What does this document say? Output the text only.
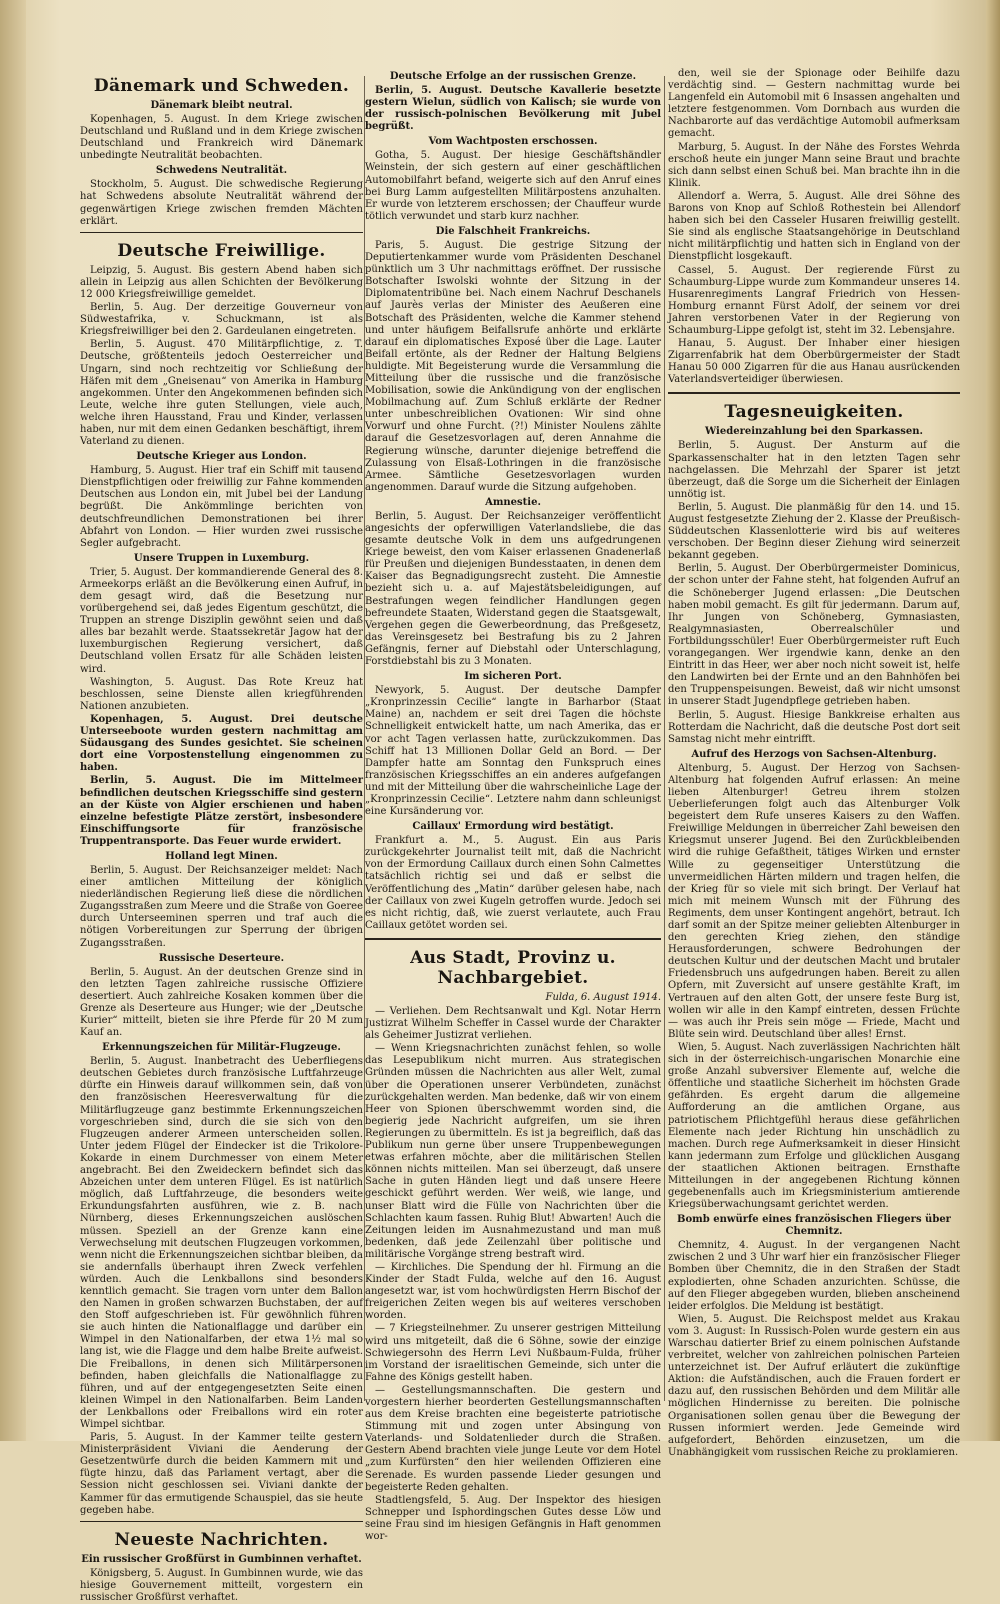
Dänemark und Schweden.
Dänemark bleibt neutral.

Kopenhagen, 5. August. In dem Kriege zwischen Deutschland und Rußland und in dem Kriege zwischen Deutschland und Frankreich wird Dänemark unbedingte Neutralität beobachten.

Schwedens Neutralität.

Stockholm, 5. August. Die schwedische Regierung hat Schwedens absolute Neutralität während der gegenwärtigen Kriege zwischen fremden Mächten erklärt.

Deutsche Freiwillige.

Leipzig, 5. August. Bis gestern Abend haben sich allein in Leipzig aus allen Schichten der Bevölkerung 12 000 Kriegsfreiwillige gemeldet.

Berlin, 5. Aug. Der derzeitige Gouverneur von Südwestafrika, v. Schuckmann, ist als Kriegsfreiwilliger bei den 2. Gardeulanen eingetreten.

Berlin, 5. August. 470 Militärpflichtige, z. T. Deutsche, größtenteils jedoch Oesterreicher und Ungarn, sind noch rechtzeitig vor Schließung der Häfen mit dem „Gneisenau“ von Amerika in Hamburg angekommen. Unter den Angekommenen befinden sich Leute, welche ihre guten Stellungen, viele auch, welche ihren Hausstand, Frau und Kinder, verlassen haben, nur mit dem einen Gedanken beschäftigt, ihrem Vaterland zu dienen.

Deutsche Krieger aus London.

Hamburg, 5. August. Hier traf ein Schiff mit tausend Dienstpflichtigen oder freiwillig zur Fahne kommenden Deutschen aus London ein, mit Jubel bei der Landung begrüßt. Die Ankömmlinge berichten von deutschfreundlichen Demonstrationen bei ihrer Abfahrt von London. — Hier wurden zwei russische Segler aufgebracht.

Unsere Truppen in Luxemburg.

Trier, 5. August. Der kommandierende General des 8. Armeekorps erläßt an die Bevölkerung einen Aufruf, in dem gesagt wird, daß die Besetzung nur vorübergehend sei, daß jedes Eigentum geschützt, die Truppen an strenge Disziplin gewöhnt seien und daß alles bar bezahlt werde. Staatssekretär Jagow hat der luxemburgischen Regierung versichert, daß Deutschland vollen Ersatz für alle Schäden leisten wird.

Washington, 5. August. Das Rote Kreuz hat beschlossen, seine Dienste allen kriegführenden Nationen anzubieten.

Kopenhagen, 5. August. Drei deutsche Unterseeboote wurden gestern nachmittag am Südausgang des Sundes gesichtet. Sie scheinen dort eine Vorpostenstellung eingenommen zu haben.

Berlin, 5. August. Die im Mittelmeer befindlichen deutschen Kriegsschiffe sind gestern an der Küste von Algier erschienen und haben einzelne befestigte Plätze zerstört, insbesondere Einschiffungsorte für französische Truppentransporte. Das Feuer wurde erwidert.

Holland legt Minen.

Berlin, 5. August. Der Reichsanzeiger meldet: Nach einer amtlichen Mitteilung der königlich niederländischen Regierung ließ diese die nördlichen Zugangsstraßen zum Meere und die Straße von Goeree durch Unterseeminen sperren und traf auch die nötigen Vorbereitungen zur Sperrung der übrigen Zugangsstraßen.

Russische Deserteure.

Berlin, 5. August. An der deutschen Grenze sind in den letzten Tagen zahlreiche russische Offiziere desertiert. Auch zahlreiche Kosaken kommen über die Grenze als Deserteure aus Hunger; wie der „Deutsche Kurier“ mitteilt, bieten sie ihre Pferde für 20 M zum Kauf an.

Erkennungszeichen für Militär-Flugzeuge.

Berlin, 5. August. Inanbetracht des Ueberfliegens deutschen Gebietes durch französische Luftfahrzeuge dürfte ein Hinweis darauf willkommen sein, daß von den französischen Heeresverwaltung für die Militärflugzeuge ganz bestimmte Erkennungszeichen vorgeschrieben sind, durch die sie sich von den Flugzeugen anderer Armeen unterscheiden sollen. Unter jedem Flügel der Eindecker ist die Trikolore-Kokarde in einem Durchmesser von einem Meter angebracht. Bei den Zweideckern befindet sich das Abzeichen unter dem unteren Flügel. Es ist natürlich möglich, daß Luftfahrzeuge, die besonders weite Erkundungsfahrten ausführen, wie z. B. nach Nürnberg, dieses Erkennungszeichen auslöschen müssen. Speziell an der Grenze kann eine Verwechselung mit deutschen Flugzeugen vorkommen, wenn nicht die Erkennungszeichen sichtbar bleiben, da sie andernfalls überhaupt ihren Zweck verfehlen würden. Auch die Lenkballons sind besonders kenntlich gemacht. Sie tragen vorn unter dem Ballon den Namen in großen schwarzen Buchstaben, der auf den Stoff aufgeschrieben ist. Für gewöhnlich führen sie auch hinten die Nationalflagge und darüber ein Wimpel in den Nationalfarben, der etwa 1½ mal so lang ist, wie die Flagge und dem halbe Breite aufweist. Die Freiballons, in denen sich Militärpersonen befinden, haben gleichfalls die Nationalflagge zu führen, und auf der entgegengesetzten Seite einen kleinen Wimpel in den Nationalfarben. Beim Landen der Lenkballons oder Freiballons wird ein roter Wimpel sichtbar.

Paris, 5. August. In der Kammer teilte gestern Ministerpräsident Viviani die Aenderung der Gesetzentwürfe durch die beiden Kammern mit und fügte hinzu, daß das Parlament vertagt, aber die Session nicht geschlossen sei. Viviani dankte der Kammer für das ermutigende Schauspiel, das sie heute gegeben habe.

Neueste Nachrichten.
Ein russischer Großfürst in Gumbinnen verhaftet.

Königsberg, 5. August. In Gumbinnen wurde, wie das hiesige Gouvernement mitteilt, vorgestern ein russischer Großfürst verhaftet.

Deutsche Erfolge an der russischen Grenze.

Berlin, 5. August. Deutsche Kavallerie besetzte gestern Wielun, südlich von Kalisch; sie wurde von der russisch-polnischen Bevölkerung mit Jubel begrüßt.

Vom Wachtposten erschossen.

Gotha, 5. August. Der hiesige Geschäftshändler Weinstein, der sich gestern auf einer geschäftlichen Automobilfahrt befand, weigerte sich auf den Anruf eines bei Burg Lamm aufgestellten Militärpostens anzuhalten. Er wurde von letzterem erschossen; der Chauffeur wurde tötlich verwundet und starb kurz nachher.

Die Falschheit Frankreichs.

Paris, 5. August. Die gestrige Sitzung der Deputiertenkammer wurde vom Präsidenten Deschanel pünktlich um 3 Uhr nachmittags eröffnet. Der russische Botschafter Iswolski wohnte der Sitzung in der Diplomatentribüne bei. Nach einem Nachruf Deschanels auf Jaurès verlas der Minister des Aeußeren eine Botschaft des Präsidenten, welche die Kammer stehend und unter häufigem Beifallsrufe anhörte und erklärte darauf ein diplomatisches Exposé über die Lage. Lauter Beifall ertönte, als der Redner der Haltung Belgiens huldigte. Mit Begeisterung wurde die Versammlung die Mitteilung über die russische und die französische Mobilisation, sowie die Ankündigung von der englischen Mobilmachung auf. Zum Schluß erklärte der Redner unter unbeschreiblichen Ovationen: Wir sind ohne Vorwurf und ohne Furcht. (?!) Minister Noulens zählte darauf die Gesetzesvorlagen auf, deren Annahme die Regierung wünsche, darunter diejenige betreffend die Zulassung von Elsaß-Lothringen in die französische Armee. Sämtliche Gesetzesvorlagen wurden angenommen. Darauf wurde die Sitzung aufgehoben.

Amnestie.

Berlin, 5. August. Der Reichsanzeiger veröffentlicht angesichts der opferwilligen Vaterlandsliebe, die das gesamte deutsche Volk in dem uns aufgedrungenen Kriege beweist, den vom Kaiser erlassenen Gnadenerlaß für Preußen und diejenigen Bundesstaaten, in denen dem Kaiser das Begnadigungsrecht zusteht. Die Amnestie bezieht sich u. a. auf Majestätsbeleidigungen, auf Bestrafungen wegen feindlicher Handlungen gegen befreundete Staaten, Widerstand gegen die Staatsgewalt, Vergehen gegen die Gewerbeordnung, das Preßgesetz, das Vereinsgesetz bei Bestrafung bis zu 2 Jahren Gefängnis, ferner auf Diebstahl oder Unterschlagung, Forstdiebstahl bis zu 3 Monaten.

Im sicheren Port.

Newyork, 5. August. Der deutsche Dampfer „Kronprinzessin Cecilie“ langte in Barharbor (Staat Maine) an, nachdem er seit drei Tagen die höchste Schnelligkeit entwickelt hatte, um nach Amerika, das er vor acht Tagen verlassen hatte, zurückzukommen. Das Schiff hat 13 Millionen Dollar Geld an Bord. — Der Dampfer hatte am Sonntag den Funkspruch eines französischen Kriegsschiffes an ein anderes aufgefangen und mit der Mitteilung über die wahrscheinliche Lage der „Kronprinzessin Cecilie“. Letztere nahm dann schleunigst eine Kursänderung vor.

Caillaux' Ermordung wird bestätigt.

Frankfurt a. M., 5. August. Ein aus Paris zurückgekehrter Journalist teilt mit, daß die Nachricht von der Ermordung Caillaux durch einen Sohn Calmettes tatsächlich richtig sei und daß er selbst die Veröffentlichung des „Matin“ darüber gelesen habe, nach der Caillaux von zwei Kugeln getroffen wurde. Jedoch sei es nicht richtig, daß, wie zuerst verlautete, auch Frau Caillaux getötet worden sei.

Aus Stadt, Provinz u. Nachbargebiet.
Fulda, 6. August 1914.

— Verliehen. Dem Rechtsanwalt und Kgl. Notar Herrn Justizrat Wilhelm Scheffer in Cassel wurde der Charakter als Geheimer Justizrat verliehen.

— Wenn Kriegsnachrichten zunächst fehlen, so wolle das Lesepublikum nicht murren. Aus strategischen Gründen müssen die Nachrichten aus aller Welt, zumal über die Operationen unserer Verbündeten, zunächst zurückgehalten werden. Man bedenke, daß wir von einem Heer von Spionen überschwemmt worden sind, die begierig jede Nachricht aufgreifen, um sie ihren Regierungen zu übermitteln. Es ist ja begreiflich, daß das Publikum nun gerne über unsere Truppenbewegungen etwas erfahren möchte, aber die militärischen Stellen können nichts mitteilen. Man sei überzeugt, daß unsere Sache in guten Händen liegt und daß unsere Heere geschickt geführt werden. Wer weiß, wie lange, und unser Blatt wird die Fülle von Nachrichten über die Schlachten kaum fassen. Ruhig Blut! Abwarten! Auch die Zeitungen leiden im Ausnahmezustand und man muß bedenken, daß jede Zeilenzahl über politische und militärische Vorgänge streng bestraft wird.

— Kirchliches. Die Spendung der hl. Firmung an die Kinder der Stadt Fulda, welche auf den 16. August angesetzt war, ist vom hochwürdigsten Herrn Bischof der freigerichen Zeiten wegen bis auf weiteres verschoben worden.

— 7 Kriegsteilnehmer. Zu unserer gestrigen Mitteilung wird uns mitgeteilt, daß die 6 Söhne, sowie der einzige Schwiegersohn des Herrn Levi Nußbaum-Fulda, früher im Vorstand der israelitischen Gemeinde, sich unter die Fahne des Königs gestellt haben.

— Gestellungsmannschaften. Die gestern und vorgestern hierher beorderten Gestellungsmannschaften aus dem Kreise brachten eine begeisterte patriotische Stimmung mit und zogen unter Absingung von Vaterlands- und Soldatenlieder durch die Straßen. Gestern Abend brachten viele junge Leute vor dem Hotel „zum Kurfürsten“ den hier weilenden Offizieren eine Serenade. Es wurden passende Lieder gesungen und begeisterte Reden gehalten.

Stadtlengsfeld, 5. Aug. Der Inspektor des hiesigen Schnepper und Isphordingschen Gutes desse Löw und seine Frau sind im hiesigen Gefängnis in Haft genommen wor-

den, weil sie der Spionage oder Beihilfe dazu verdächtig sind. — Gestern nachmittag wurde bei Langenfeld ein Automobil mit 6 Insassen angehalten und letztere festgenommen. Vom Dornbach aus wurden die Nachbarorte auf das verdächtige Automobil aufmerksam gemacht.

Marburg, 5. August. In der Nähe des Forstes Wehrda erschoß heute ein junger Mann seine Braut und brachte sich dann selbst einen Schuß bei. Man brachte ihn in die Klinik.

Allendorf a. Werra, 5. August. Alle drei Söhne des Barons von Knop auf Schloß Rothestein bei Allendorf haben sich bei den Casseler Husaren freiwillig gestellt. Sie sind als englische Staatsangehörige in Deutschland nicht militärpflichtig und hatten sich in England von der Dienstpflicht losgekauft.

Cassel, 5. August. Der regierende Fürst zu Schaumburg-Lippe wurde zum Kommandeur unseres 14. Husarenregiments Langraf Friedrich von Hessen-Homburg ernannt Fürst Adolf, der seinem vor drei Jahren verstorbenen Vater in der Regierung von Schaumburg-Lippe gefolgt ist, steht im 32. Lebensjahre.

Hanau, 5. August. Der Inhaber einer hiesigen Zigarrenfabrik hat dem Oberbürgermeister der Stadt Hanau 50 000 Zigarren für die aus Hanau ausrückenden Vaterlandsverteidiger überwiesen.

Tagesneuigkeiten.
Wiedereinzahlung bei den Sparkassen.

Berlin, 5. August. Der Ansturm auf die Sparkassenschalter hat in den letzten Tagen sehr nachgelassen. Die Mehrzahl der Sparer ist jetzt überzeugt, daß die Sorge um die Sicherheit der Einlagen unnötig ist.

Berlin, 5. August. Die planmäßig für den 14. und 15. August festgesetzte Ziehung der 2. Klasse der Preußisch-Süddeutschen Klassenlotterie wird bis auf weiteres verschoben. Der Beginn dieser Ziehung wird seinerzeit bekannt gegeben.

Berlin, 5. August. Der Oberbürgermeister Dominicus, der schon unter der Fahne steht, hat folgenden Aufruf an die Schöneberger Jugend erlassen: „Die Deutschen haben mobil gemacht. Es gilt für jedermann. Darum auf, Ihr Jungen von Schöneberg, Gymnasiasten, Realgymnasiasten, Oberrealschüler und Fortbildungsschüler! Euer Oberbürgermeister ruft Euch vorangegangen. Wer irgendwie kann, denke an den Eintritt in das Heer, wer aber noch nicht soweit ist, helfe den Landwirten bei der Ernte und an den Bahnhöfen bei den Truppenspeisungen. Beweist, daß wir nicht umsonst in unserer Stadt Jugendpflege getrieben haben.

Berlin, 5. August. Hiesige Bankkreise erhalten aus Rotterdam die Nachricht, daß die deutsche Post dort seit Samstag nicht mehr eintrifft.

Aufruf des Herzogs von Sachsen-Altenburg.

Altenburg, 5. August. Der Herzog von Sachsen-Altenburg hat folgenden Aufruf erlassen: An meine lieben Altenburger! Getreu ihrem stolzen Ueberlieferungen folgt auch das Altenburger Volk begeistert dem Rufe unseres Kaisers zu den Waffen. Freiwillige Meldungen in überreicher Zahl beweisen den Kriegsmut unserer Jugend. Bei den Zurückbleibenden wird die ruhige Gefaßtheit, tätiges Wirken und ernster Wille zu gegenseitiger Unterstützung die unvermeidlichen Härten mildern und tragen helfen, die der Krieg für so viele mit sich bringt. Der Verlauf hat mich mit meinem Wunsch mit der Führung des Regiments, dem unser Kontingent angehört, betraut. Ich darf somit an der Spitze meiner geliebten Altenburger in den gerechten Krieg ziehen, den ständige Herausforderungen, schwere Bedrohungen der deutschen Kultur und der deutschen Macht und brutaler Friedensbruch uns aufgedrungen haben. Bereit zu allen Opfern, mit Zuversicht auf unsere gestählte Kraft, im Vertrauen auf den alten Gott, der unsere feste Burg ist, wollen wir alle in den Kampf eintreten, dessen Früchte — was auch ihr Preis sein möge — Friede, Macht und Blüte sein wird. Deutschland über alles! Ernst.

Wien, 5. August. Nach zuverlässigen Nachrichten hält sich in der österreichisch-ungarischen Monarchie eine große Anzahl subversiver Elemente auf, welche die öffentliche und staatliche Sicherheit im höchsten Grade gefährden. Es ergeht darum die allgemeine Aufforderung an die amtlichen Organe, aus patriotischem Pflichtgefühl heraus diese gefährlichen Elemente nach jeder Richtung hin unschädlich zu machen. Durch rege Aufmerksamkeit in dieser Hinsicht kann jedermann zum Erfolge und glücklichen Ausgang der staatlichen Aktionen beitragen. Ernsthafte Mitteilungen in der angegebenen Richtung können gegebenenfalls auch im Kriegsministerium amtierende Kriegsüberwachungsamt gerichtet werden.

Bomb enwürfe eines französischen Fliegers über Chemnitz.

Chemnitz, 4. August. In der vergangenen Nacht zwischen 2 und 3 Uhr warf hier ein französischer Flieger Bomben über Chemnitz, die in den Straßen der Stadt explodierten, ohne Schaden anzurichten. Schüsse, die auf den Flieger abgegeben wurden, blieben anscheinend leider erfolglos. Die Meldung ist bestätigt.

Wien, 5. August. Die Reichspost meldet aus Krakau vom 3. August: In Russisch-Polen wurde gestern ein aus Warschau datierter Brief zu einem polnischen Aufstande verbreitet, welcher von zahlreichen polnischen Parteien unterzeichnet ist. Der Aufruf erläutert die zukünftige Aktion: die Aufständischen, auch die Frauen fordert er dazu auf, den russischen Behörden und dem Militär alle möglichen Hindernisse zu bereiten. Die polnische Organisationen sollen genau über die Bewegung der Russen informiert werden. Jede Gemeinde wird aufgefordert, Behörden einzusetzen, um die Unabhängigkeit vom russischen Reiche zu proklamieren.
